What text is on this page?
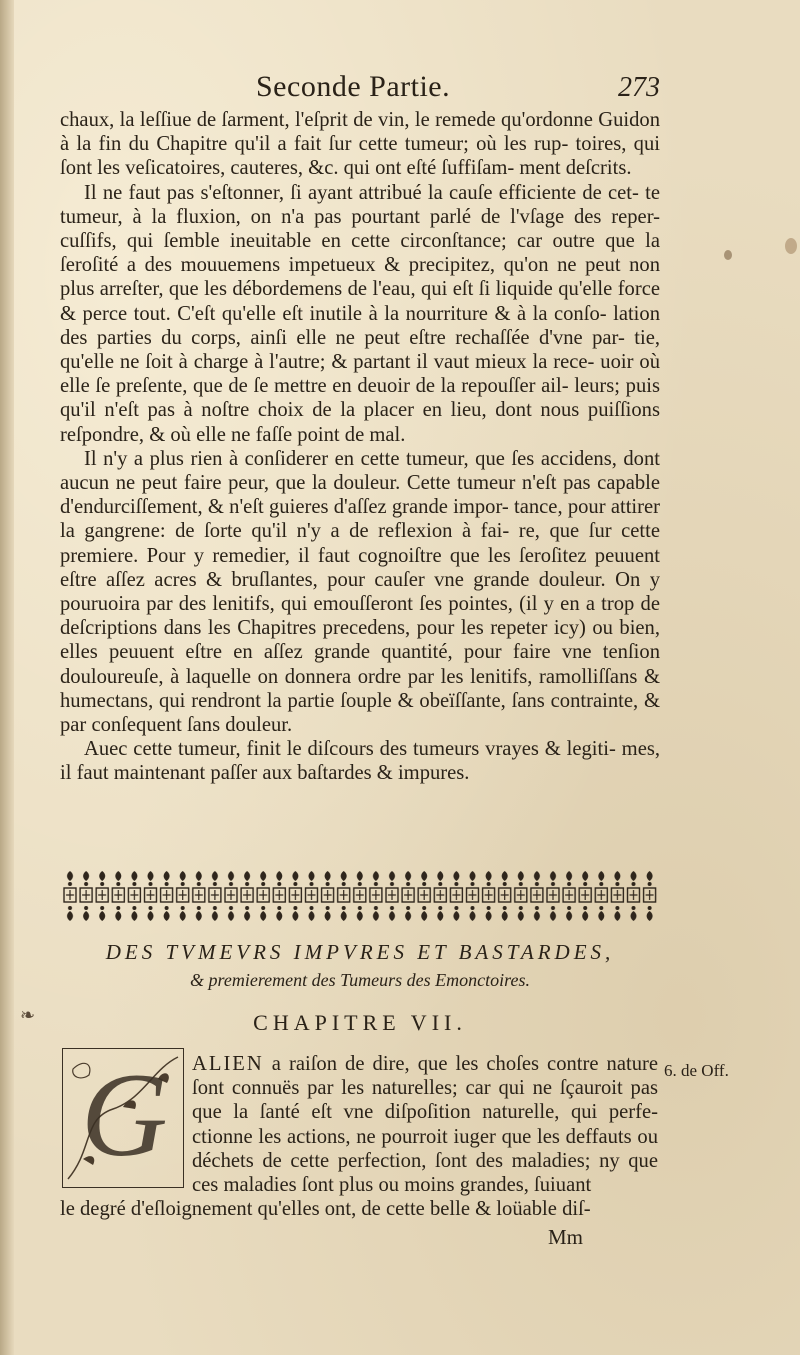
Seconde Partie.	273

chaux, la leſſiue de ſarment, l'eſprit de vin, le remede qu'ordonne Guidon à la fin du Chapitre qu'il a fait ſur cette tumeur; où les rup- toires, qui ſont les veſicatoires, cauteres, &c. qui ont eſté ſuffiſam- ment deſcrits.

Il ne faut pas s'eſtonner, ſi ayant attribué la cauſe efficiente de cet- te tumeur, à la fluxion, on n'a pas pourtant parlé de l'vſage des reper- cuſſifs, qui ſemble ineuitable en cette circonſtance; car outre que la ſeroſité a des mouuemens impetueux & precipitez, qu'on ne peut non plus arreſter, que les débordemens de l'eau, qui eſt ſi liquide qu'elle force & perce tout. C'eſt qu'elle eſt inutile à la nourriture & à la conſo- lation des parties du corps, ainſi elle ne peut eſtre rechaſſée d'vne par- tie, qu'elle ne ſoit à charge à l'autre; & partant il vaut mieux la rece- uoir où elle ſe preſente, que de ſe mettre en deuoir de la repouſſer ail- leurs; puis qu'il n'eſt pas à noſtre choix de la placer en lieu, dont nous puiſſions reſpondre, & où elle ne faſſe point de mal.

Il n'y a plus rien à conſiderer en cette tumeur, que ſes accidens, dont aucun ne peut faire peur, que la douleur. Cette tumeur n'eſt pas capable d'endurciſſement, & n'eſt guieres d'aſſez grande impor- tance, pour attirer la gangrene: de ſorte qu'il n'y a de reflexion à fai- re, que ſur cette premiere. Pour y remedier, il faut cognoiſtre que les ſeroſitez peuuent eſtre aſſez acres & bruſlantes, pour cauſer vne grande douleur. On y pouruoira par des lenitifs, qui emouſſeront ſes pointes, (il y en a trop de deſcriptions dans les Chapitres precedens, pour les repeter icy) ou bien, elles peuuent eſtre en aſſez grande quantité, pour faire vne tenſion douloureuſe, à laquelle on donnera ordre par les lenitifs, ramolliſſans & humectans, qui rendront la partie ſouple & obeïſſante, ſans contrainte, & par conſequent ſans douleur.

Auec cette tumeur, finit le diſcours des tumeurs vrayes & legiti- mes, il faut maintenant paſſer aux baſtardes & impures.

DES TVMEVRS IMPVRES ET BASTARDES,
& premierement des Tumeurs des Emonctoires.
CHAPITRE VII.
❧
G ALIEN a raiſon de dire, que les choſes contre nature ſont connuës par les naturelles; car qui ne ſçauroit pas que la ſanté eſt vne diſpoſition naturelle, qui perfe- ctionne les actions, ne pourroit iuger que les deffauts ou déchets de cette perfection, ſont des maladies; ny que ces maladies ſont plus ou moins grandes, ſuiuant
6. de Off.
le degré d'eſloignement qu'elles ont, de cette belle & loüable diſ-
Mm
